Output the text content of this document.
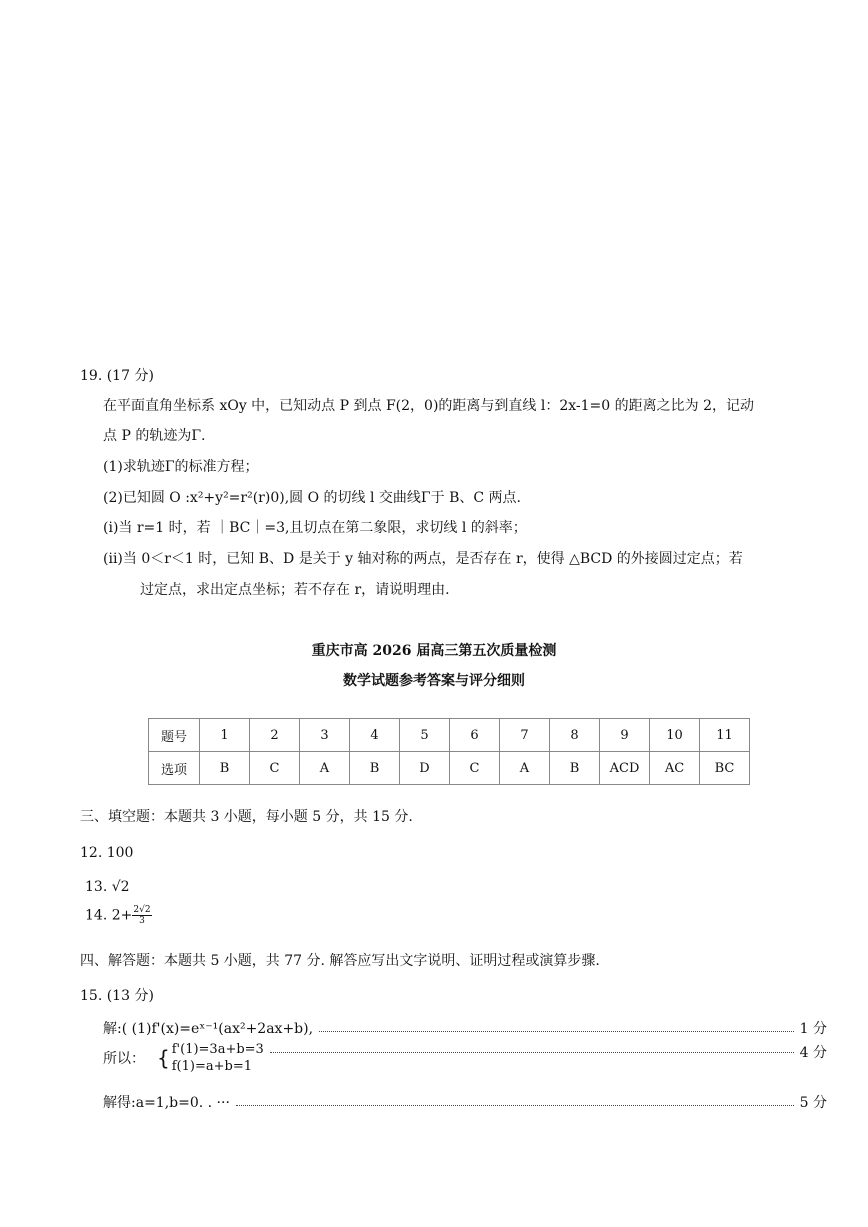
19. (17 分)
在平面直角坐标系 xOy 中，已知动点 P 到点 F(2，0)的距离与到直线 l：2x-1=0 的距离之比为 2，记动
点 P 的轨迹为Γ.
(1)求轨迹Γ的标准方程；
(2)已知圆 O :x²+y²=r²(r)0),圆 O 的切线 l 交曲线Γ于 B、C 两点.
(i)当 r=1 时，若 ｜BC｜=3,且切点在第二象限，求切线 l 的斜率；
(ii)当 0＜r＜1 时，已知 B、D 是关于 y 轴对称的两点，是否存在 r，使得 △BCD 的外接圆过定点；若
过定点，求出定点坐标；若不存在 r，请说明理由.
重庆市高 2026 届高三第五次质量检测
数学试题参考答案与评分细则
题号	1	2	3	4	5	6	7	8	9	10	11
选项	B	C	A	B	D	C	A	B	ACD	AC	BC
三、填空题：本题共 3 小题，每小题 5 分，共 15 分.
12. 100
13. √2
14. $2+ \frac{2√2}{3}$
四、解答题：本题共 5 小题，共 77 分. 解答应写出文字说明、证明过程或演算步骤.
15. (13 分)
解:( (1)f'(x)=eˣ⁻¹(ax²+2ax+b),	1 分
所以： { f'(1)=3a+b=3
f(1)=a+b=1
4 分
解得:a=1,b=0. . ···	5 分
